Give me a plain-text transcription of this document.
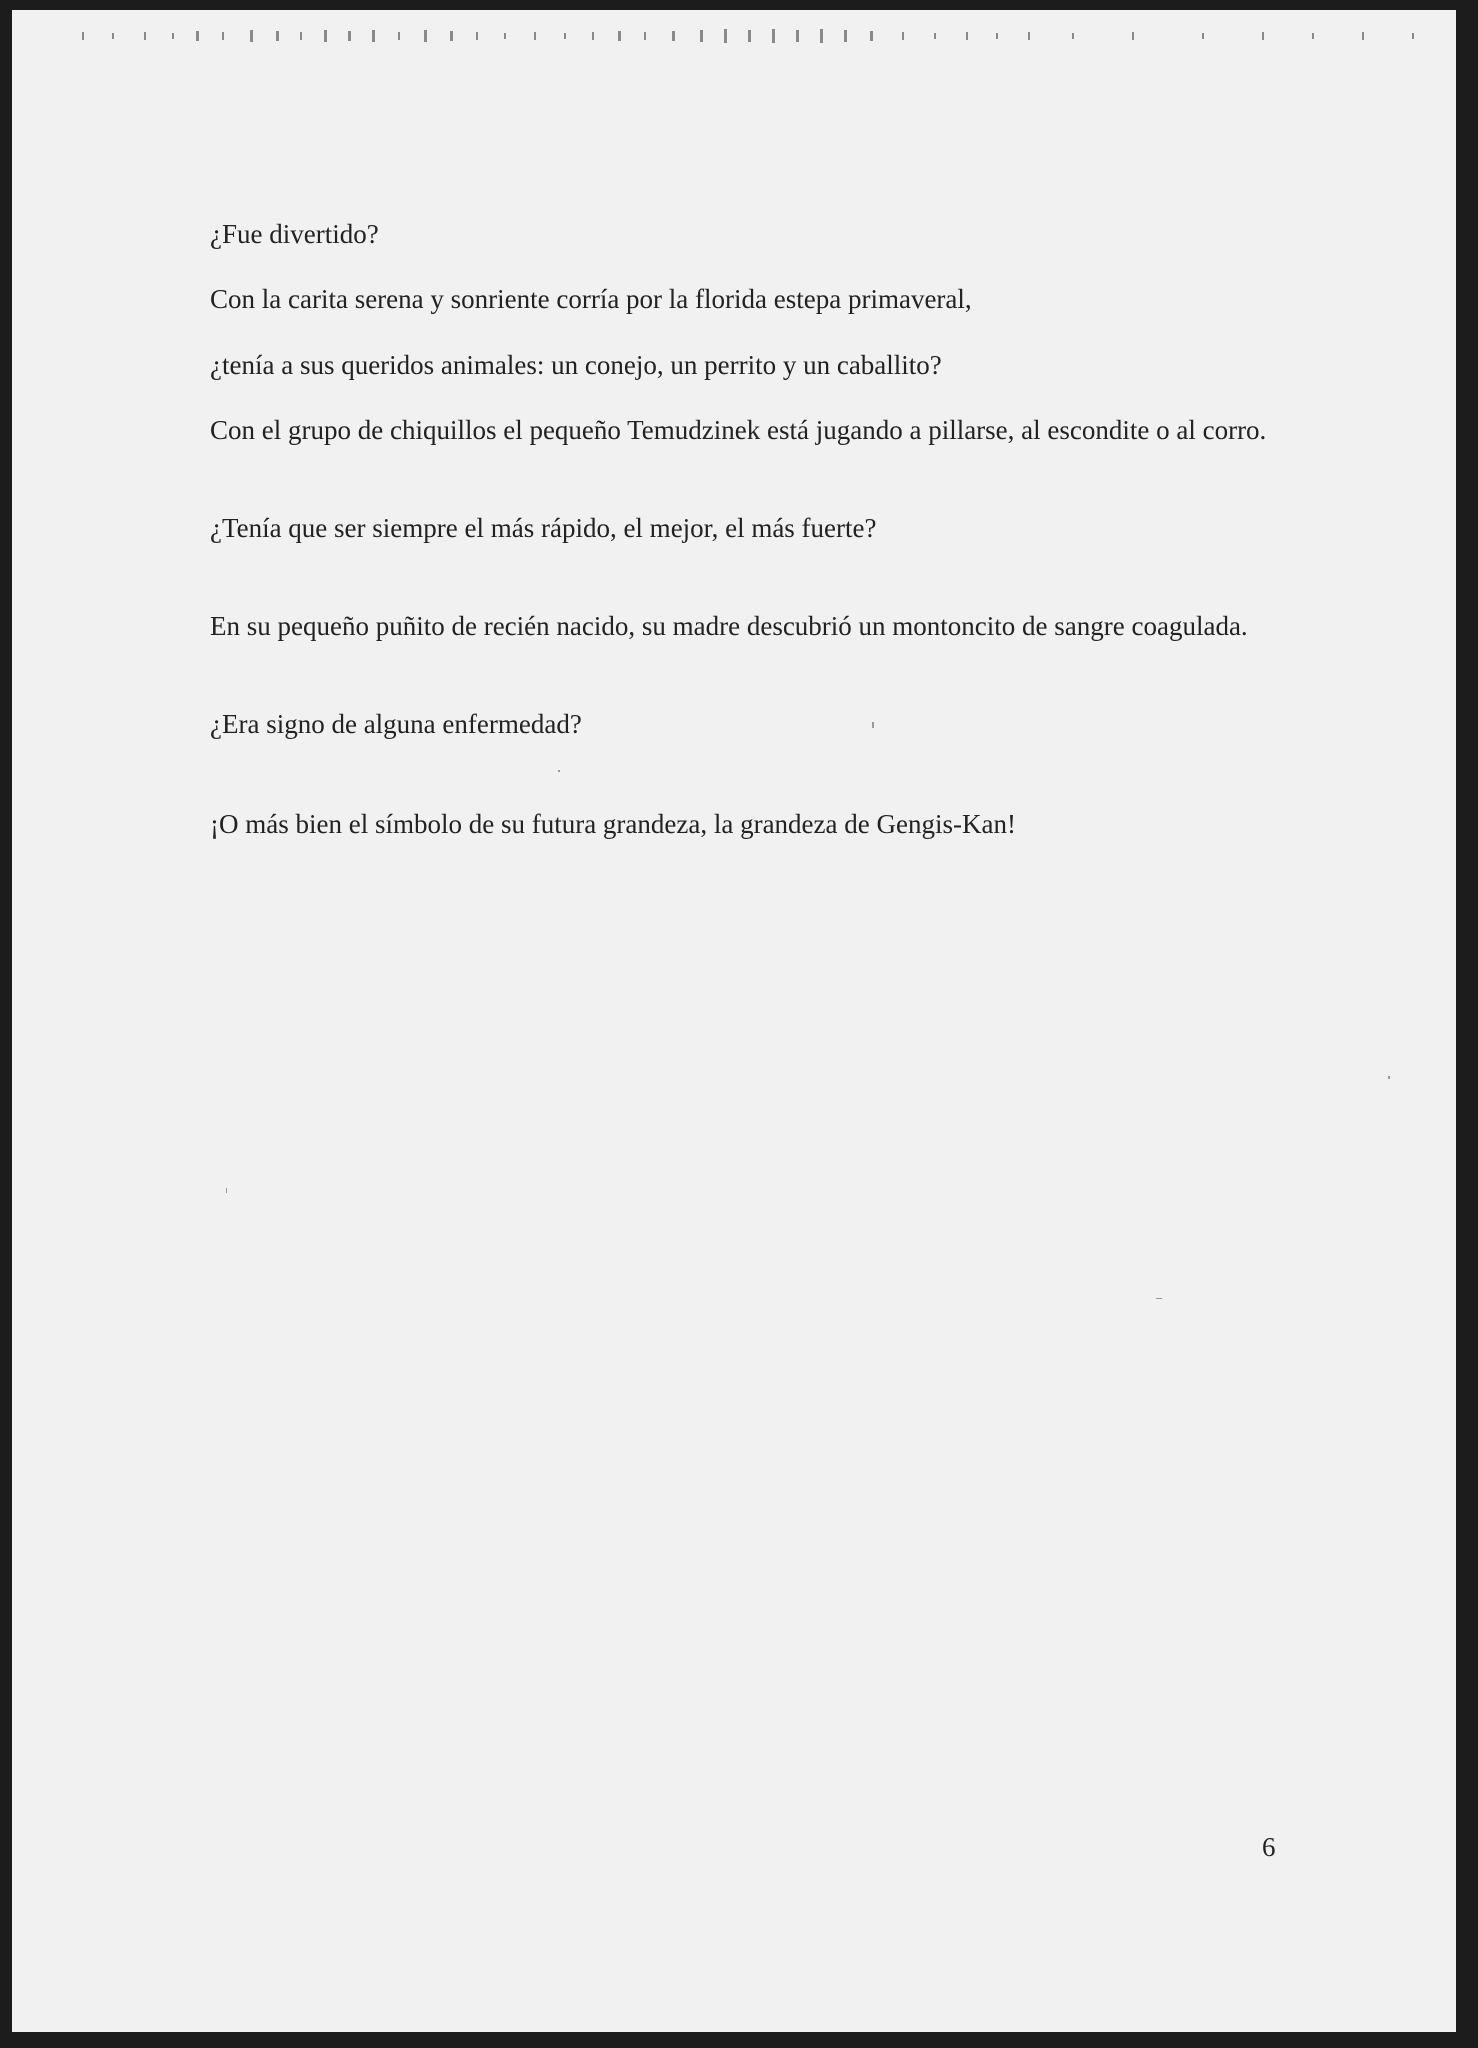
¿Fue divertido?

Con la carita serena y sonriente corría por la florida estepa primaveral,

¿tenía a sus queridos animales: un conejo, un perrito y un caballito?

Con el grupo de chiquillos el pequeño Temudzinek está jugando a pillarse, al escondite o al corro.

¿Tenía que ser siempre el más rápido, el mejor, el más fuerte?

En su pequeño puñito de recién nacido, su madre descubrió un montoncito de sangre coagulada.

¿Era signo de alguna enfermedad?

¡O más bien el símbolo de su futura grandeza, la grandeza de Gengis-Kan!

6
